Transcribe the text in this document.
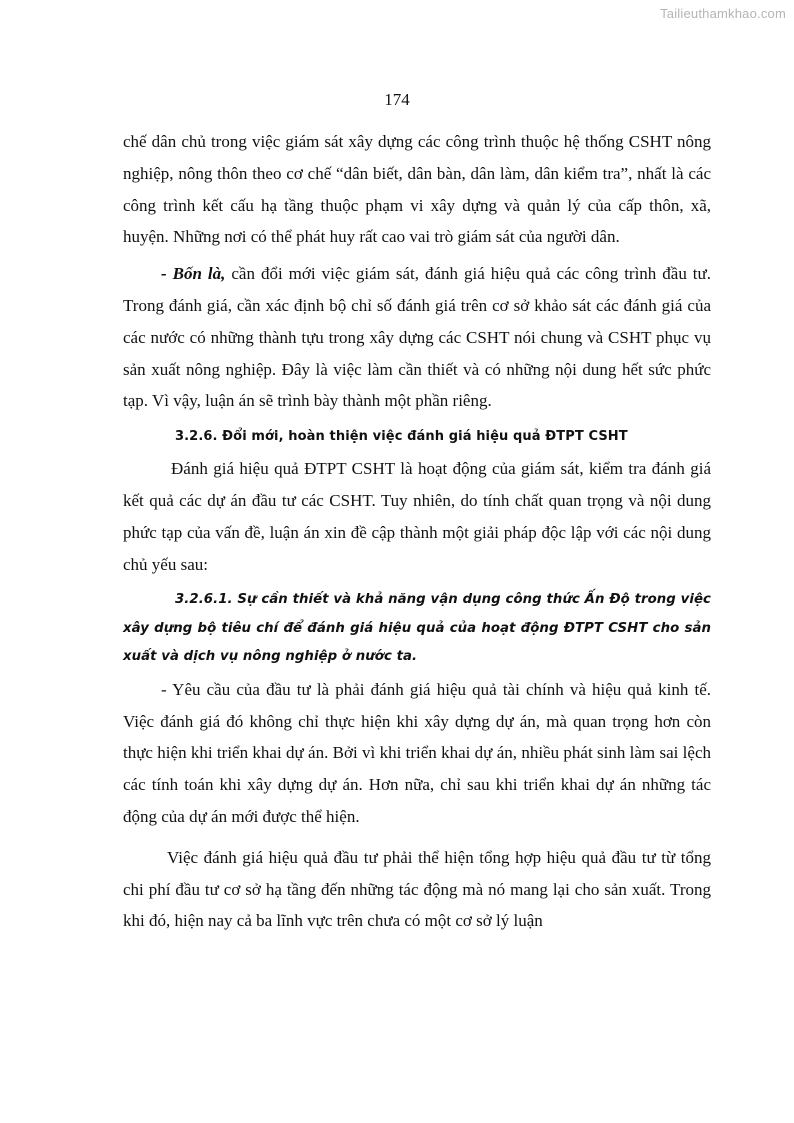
Tailieuthamkhao.com
174

chế dân chủ trong việc giám sát xây dựng các công trình thuộc hệ thống CSHT nông nghiệp, nông thôn theo cơ chế “dân biết, dân bàn, dân làm, dân kiểm tra”, nhất là các công trình kết cấu hạ tầng thuộc phạm vi xây dựng và quản lý của cấp thôn, xã, huyện. Những nơi có thể phát huy rất cao vai trò giám sát của người dân.

- Bốn là, cần đổi mới việc giám sát, đánh giá hiệu quả các công trình đầu tư. Trong đánh giá, cần xác định bộ chỉ số đánh giá trên cơ sở khảo sát các đánh giá của các nước có những thành tựu trong xây dựng các CSHT nói chung và CSHT phục vụ sản xuất nông nghiệp. Đây là việc làm cần thiết và có những nội dung hết sức phức tạp. Vì vậy, luận án sẽ trình bày thành một phần riêng.

3.2.6. Đổi mới, hoàn thiện việc đánh giá hiệu quả ĐTPT CSHT

Đánh giá hiệu quả ĐTPT CSHT là hoạt động của giám sát, kiểm tra đánh giá kết quả các dự án đầu tư các CSHT. Tuy nhiên, do tính chất quan trọng và nội dung phức tạp của vấn đề, luận án xin đề cập thành một giải pháp độc lập với các nội dung chủ yếu sau:

3.2.6.1. Sự cần thiết và khả năng vận dụng công thức Ấn Độ trong việc xây dựng bộ tiêu chí để đánh giá hiệu quả của hoạt động ĐTPT CSHT cho sản xuất và dịch vụ nông nghiệp ở nước ta.

- Yêu cầu của đầu tư là phải đánh giá hiệu quả tài chính và hiệu quả kinh tế. Việc đánh giá đó không chỉ thực hiện khi xây dựng dự án, mà quan trọng hơn còn thực hiện khi triển khai dự án. Bởi vì khi triển khai dự án, nhiều phát sinh làm sai lệch các tính toán khi xây dựng dự án. Hơn nữa, chỉ sau khi triển khai dự án những tác động của dự án mới được thể hiện.

Việc đánh giá hiệu quả đầu tư phải thể hiện tổng hợp hiệu quả đầu tư từ tổng chi phí đầu tư cơ sở hạ tầng đến những tác động mà nó mang lại cho sản xuất. Trong khi đó, hiện nay cả ba lĩnh vực trên chưa có một cơ sở lý luận
